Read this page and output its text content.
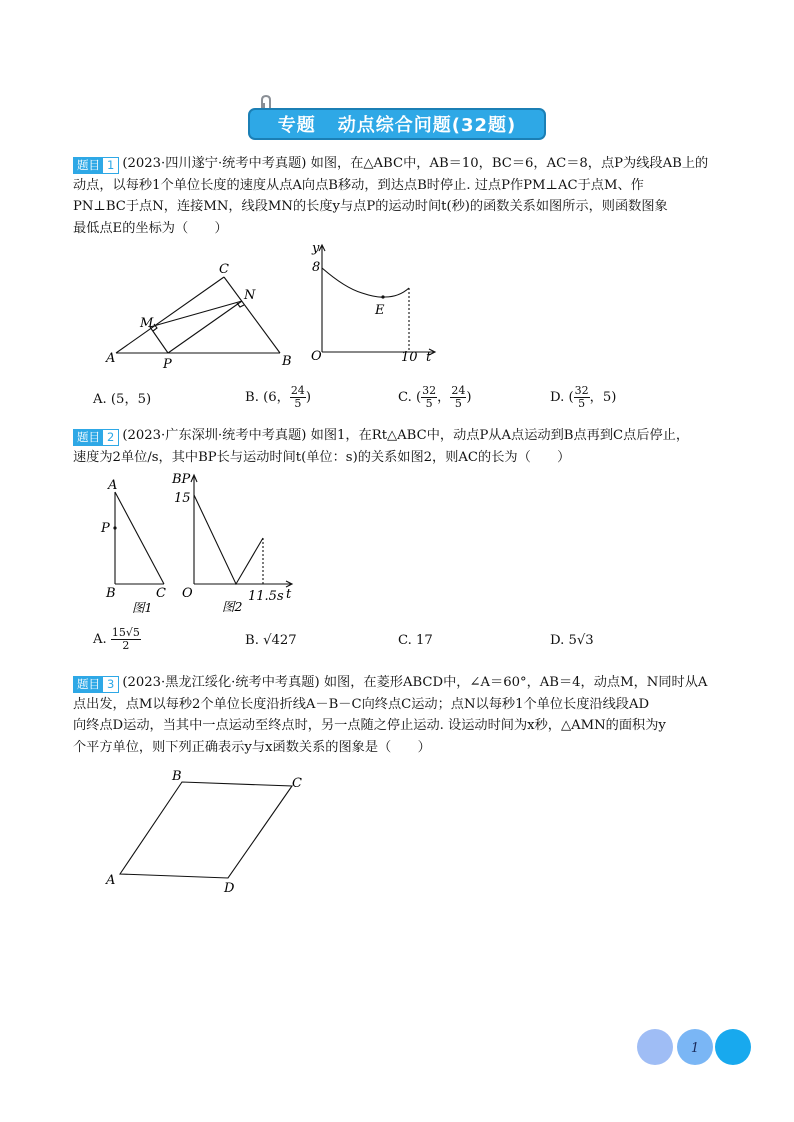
专题 动点综合问题(32题)
题目 1 (2023·四川遂宁·统考中考真题) 如图，在△ABC中，AB＝10，BC＝6，AC＝8，点P为线段AB上的
动点，以每秒1个单位长度的速度从点A向点B移动，到达点B时停止. 过点P作PM⊥AC于点M、作
PN⊥BC于点N，连接MN，线段MN的长度y与点P的运动时间t(秒)的函数关系如图所示，则函数图象
最低点E的坐标为（　　）
A	B
C
M
N
P
y
8
O
E
10 t
A. (5，5)	B. (6， $\frac{24}{5}$ )	C. ( $\frac{32}{5}$ ， $\frac{24}{5}$ )	D. ( $\frac{32}{5}$ ，5)
题目 2 (2023·广东深圳·统考中考真题) 如图1，在Rt△ABC中，动点P从A点运动到B点再到C点后停止，
速度为2单位/s，其中BP长与运动时间t(单位：s)的关系如图2，则AC的长为（　　）
A
P
B	C
图1
BP
15
O	11.5s t
图2
A. $\frac{15√5}{2}$	B. √427	C. 17	D. 5√3
题目 3 (2023·黑龙江绥化·统考中考真题) 如图，在菱形ABCD中，∠A＝60°，AB＝4，动点M，N同时从A
点出发，点M以每秒2个单位长度沿折线A－B－C向终点C运动；点N以每秒1个单位长度沿线段AD
向终点D运动，当其中一点运动至终点时，另一点随之停止运动. 设运动时间为x秒，△AMN的面积为y
个平方单位，则下列正确表示y与x函数关系的图象是（　　）
A
B	C
D
1
